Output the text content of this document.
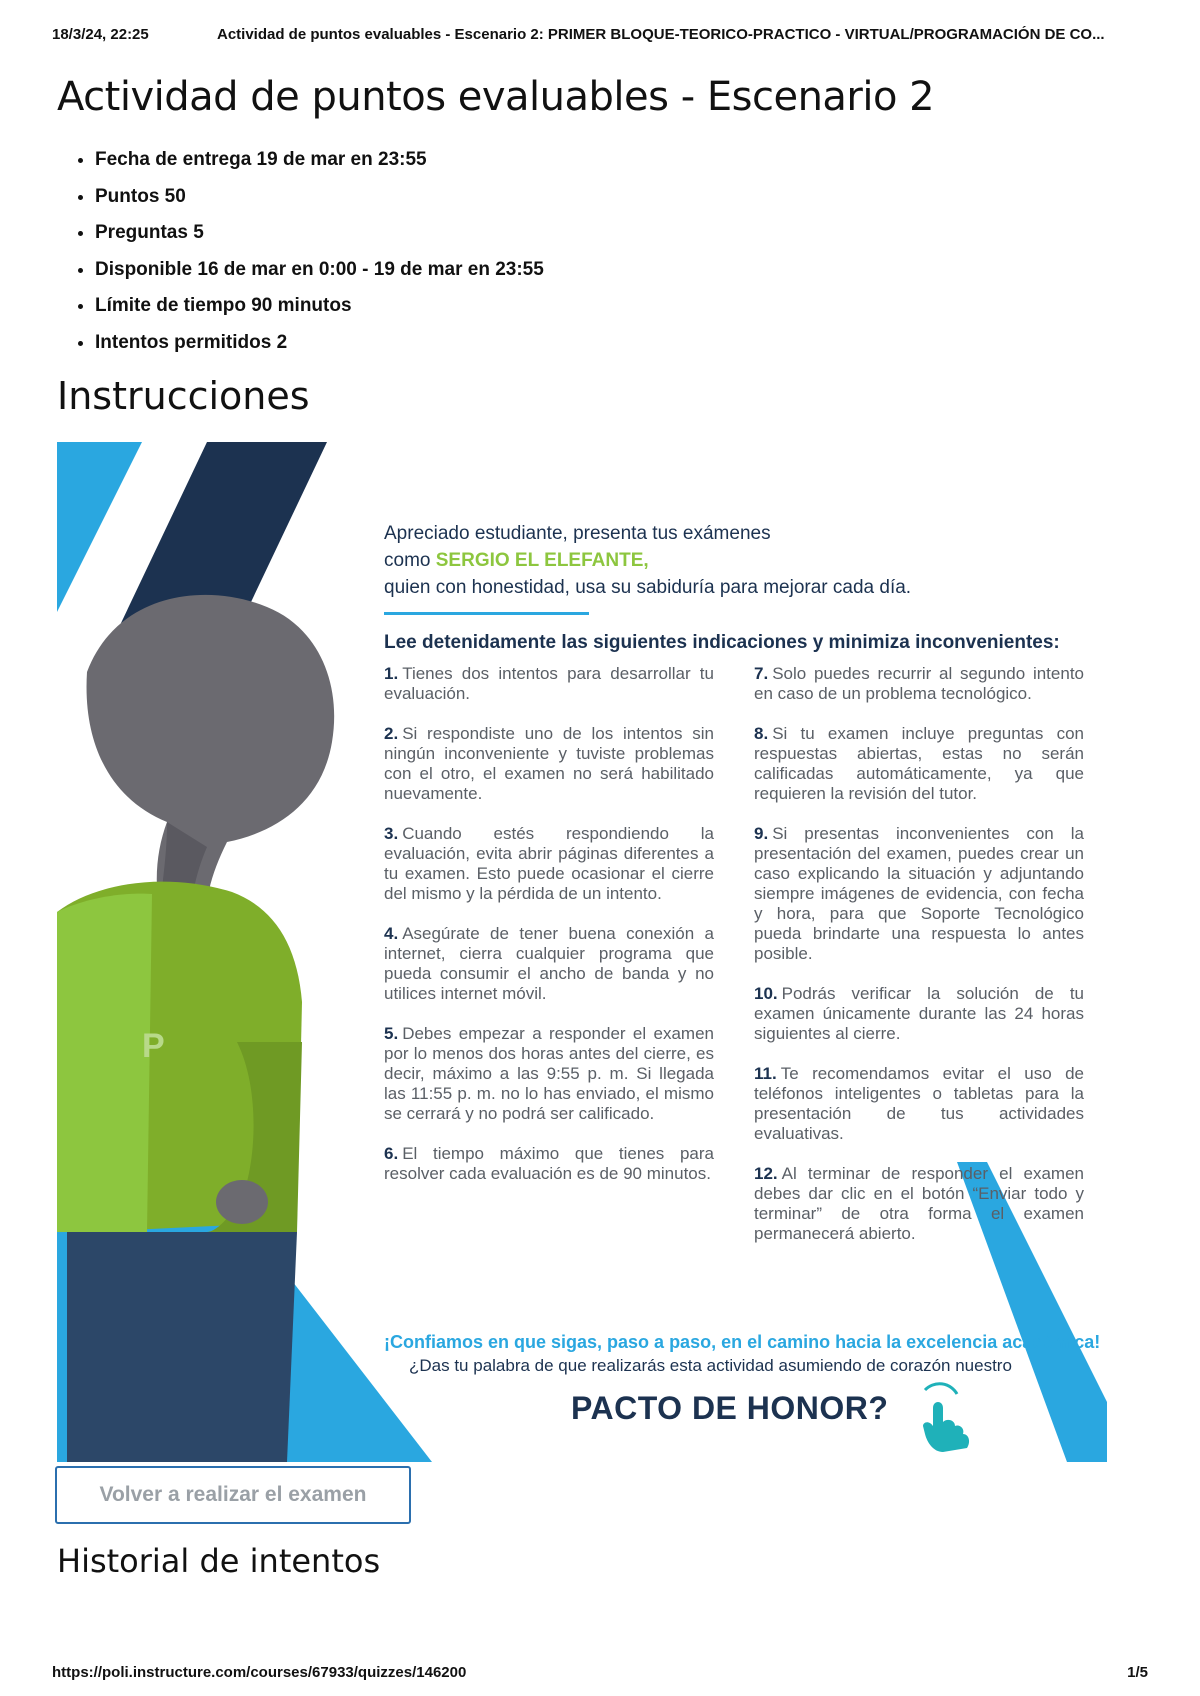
18/3/24, 22:25	Actividad de puntos evaluables - Escenario 2: PRIMER BLOQUE-TEORICO-PRACTICO - VIRTUAL/PROGRAMACIÓN DE CO...
Actividad de puntos evaluables - Escenario 2
• Fecha de entrega 19 de mar en 23:55
• Puntos 50
• Preguntas 5
• Disponible 16 de mar en 0:00 - 19 de mar en 23:55
• Límite de tiempo 90 minutos
• Intentos permitidos 2
Instrucciones
P
Apreciado estudiante, presenta tus exámenes
como SERGIO EL ELEFANTE,
quien con honestidad, usa su sabiduría para mejorar cada día.
Lee detenidamente las siguientes indicaciones y minimiza inconvenientes:

1. Tienes dos intentos para desarrollar tu evaluación.

2. Si respondiste uno de los intentos sin ningún inconveniente y tuviste problemas con el otro, el examen no será habilitado nuevamente.

3. Cuando estés respondiendo la evaluación, evita abrir páginas diferentes a tu examen. Esto puede ocasionar el cierre del mismo y la pérdida de un intento.

4. Asegúrate de tener buena conexión a internet, cierra cualquier programa que pueda consumir el ancho de banda y no utilices internet móvil.

5. Debes empezar a responder el examen por lo menos dos horas antes del cierre, es decir, máximo a las 9:55 p. m. Si llegada las 11:55 p. m. no lo has enviado, el mismo se cerrará y no podrá ser calificado.

6. El tiempo máximo que tienes para resolver cada evaluación es de 90 minutos.

7. Solo puedes recurrir al segundo intento en caso de un problema tecnológico.

8. Si tu examen incluye preguntas con respuestas abiertas, estas no serán calificadas automáticamente, ya que requieren la revisión del tutor.

9. Si presentas inconvenientes con la presentación del examen, puedes crear un caso explicando la situación y adjuntando siempre imágenes de evidencia, con fecha y hora, para que Soporte Tecnológico pueda brindarte una respuesta lo antes posible.

10. Podrás verificar la solución de tu examen únicamente durante las 24 horas siguientes al cierre.

11. Te recomendamos evitar el uso de teléfonos inteligentes o tabletas para la presentación de tus actividades evaluativas.

12. Al terminar de responder el examen debes dar clic en el botón “Enviar todo y terminar” de otra forma el examen permanecerá abierto.

¡Confiamos en que sigas, paso a paso, en el camino hacia la excelencia académica!
¿Das tu palabra de que realizarás esta actividad asumiendo de corazón nuestro
PACTO DE HONOR?
Volver a realizar el examen
Historial de intentos
https://poli.instructure.com/courses/67933/quizzes/146200	1/5
